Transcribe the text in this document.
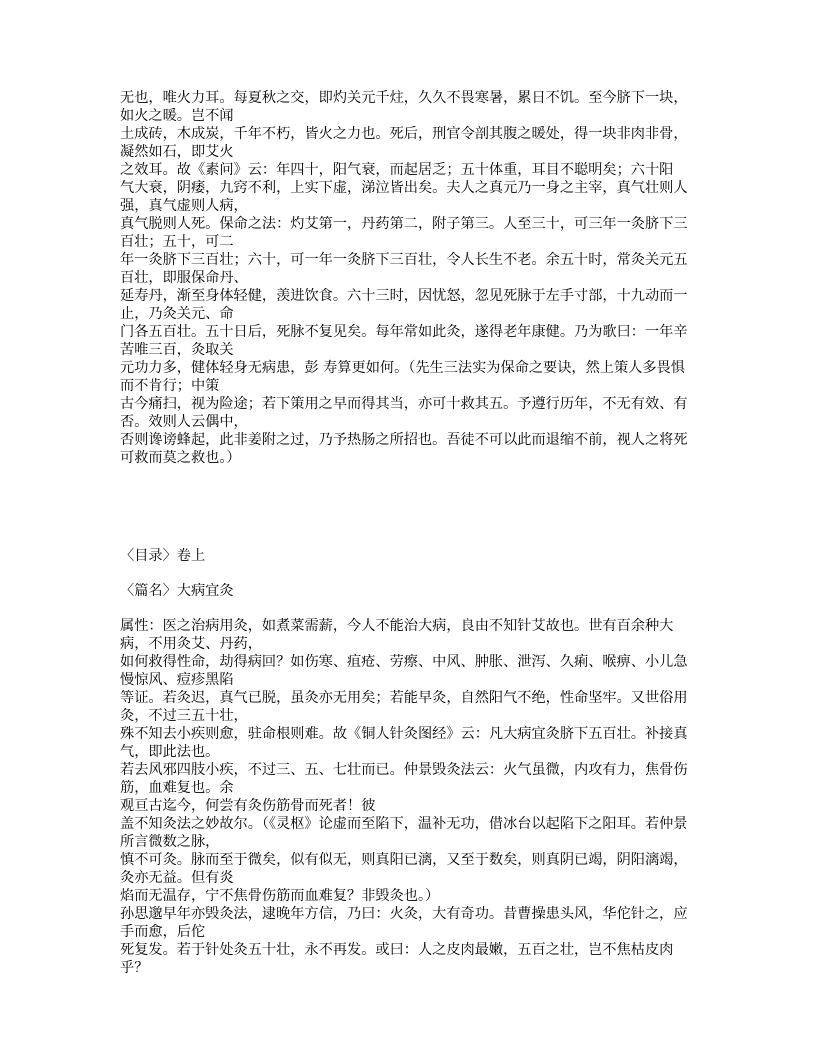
无也，唯火力耳。每夏秋之交，即灼关元千炷，久久不畏寒暑，累日不饥。至今脐下一块，如火之暖。岂不闻

土成砖，木成炭，千年不朽，皆火之力也。死后，刑官令剖其腹之暖处，得一块非肉非骨，凝然如石，即艾火

之效耳。故《素问》云：年四十，阳气衰，而起居乏；五十体重，耳目不聪明矣；六十阳

气大衰，阴痿，九窍不利，上实下虚，涕泣皆出矣。夫人之真元乃一身之主宰，真气壮则人强，真气虚则人病，

真气脱则人死。保命之法：灼艾第一，丹药第二，附子第三。人至三十，可三年一灸脐下三百壮；五十，可二

年一灸脐下三百壮；六十，可一年一灸脐下三百壮，令人长生不老。余五十时，常灸关元五百壮，即服保命丹、

延寿丹，渐至身体轻健，羡进饮食。六十三时，因忧怒，忽见死脉于左手寸部，十九动而一止，乃灸关元、命

门各五百壮。五十日后，死脉不复见矣。每年常如此灸，遂得老年康健。乃为歌曰：一年辛苦唯三百，灸取关

元功力多，健体轻身无病患，彭 寿算更如何。（先生三法实为保命之要诀，然上策人多畏惧而不肯行；中策

古今痛扫，视为险途；若下策用之早而得其当，亦可十救其五。予遵行历年，不无有效、有否。效则人云偶中，

否则谗谤蜂起，此非姜附之过，乃予热肠之所招也。吾徒不可以此而退缩不前，视人之将死可救而莫之救也。）

〈目录〉卷上

〈篇名〉大病宜灸

属性：医之治病用灸，如煮菜需薪，今人不能治大病，良由不知针艾故也。世有百余种大病，不用灸艾、丹药，

如何救得性命，劫得病回？如伤寒、疽疮、劳瘵、中风、肿胀、泄泻、久痢、喉痹、小儿急慢惊风、痘疹黑陷

等证。若灸迟，真气已脱，虽灸亦无用矣；若能早灸，自然阳气不绝，性命坚牢。又世俗用灸，不过三五十壮，

殊不知去小疾则愈，驻命根则难。故《铜人针灸图经》云：凡大病宜灸脐下五百壮。补接真气，即此法也。

若去风邪四肢小疾，不过三、五、七壮而已。仲景毁灸法云：火气虽微，内攻有力，焦骨伤筋，血难复也。余

观亘古迄今，何尝有灸伤筋骨而死者！彼

盖不知灸法之妙故尔。（《灵枢》论虚而至陷下，温补无功，借冰台以起陷下之阳耳。若仲景所言微数之脉，

慎不可灸。脉而至于微矣，似有似无，则真阳已漓，又至于数矣，则真阴已竭，阴阳漓竭，灸亦无益。但有炎

焰而无温存，宁不焦骨伤筋而血难复？非毁灸也。）

孙思邈早年亦毁灸法，逮晚年方信，乃曰：火灸，大有奇功。昔曹操患头风，华佗针之，应手而愈，后佗

死复发。若于针处灸五十壮，永不再发。或曰：人之皮肉最嫩，五百之壮，岂不焦枯皮肉乎？
